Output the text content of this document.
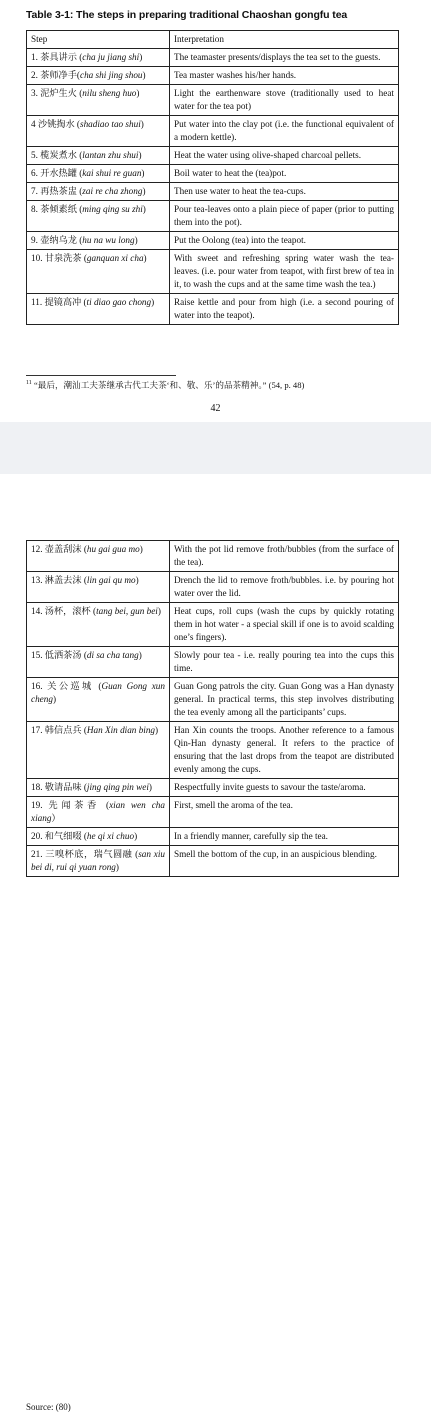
Table 3-1: The steps in preparing traditional Chaoshan gongfu tea
Step	Interpretation
1. 茶具讲示 (cha ju jiang shi)	The teamaster presents/displays the tea set to the guests.
2. 茶师净手(cha shi jing shou)	Tea master washes his/her hands.
3. 泥炉生火 (nilu sheng huo)	Light the earthenware stove (traditionally used to heat water for the tea pot)
4 沙铫掏水 (shadiao tao shui)	Put water into the clay pot (i.e. the functional equivalent of a modern kettle).
5. 榄炭煮水 (lantan zhu shui)	Heat the water using olive-shaped charcoal pellets.
6. 开水热罐 (kai shui re guan)	Boil water to heat the (tea)pot.
7. 再热茶盅 (zai re cha zhong)	Then use water to heat the tea-cups.
8. 茶倾素纸 (ming qing su zhi)	Pour tea-leaves onto a plain piece of paper (prior to putting them into the pot).
9. 壶纳乌龙 (hu na wu long)	Put the Oolong (tea) into the teapot.
10. 甘泉洗茶 (ganquan xi cha)	With sweet and refreshing spring water wash the tea-leaves. (i.e. pour water from teapot, with first brew of tea in it, to wash the cups and at the same time wash the tea.)
11. 提镜高冲 (ti diao gao chong)	Raise kettle and pour from high (i.e. a second pouring of water into the teapot).
$^{11}$ “最后，潮汕工夫茶继承古代工夫茶‘和、敬、乐’的品茶精神。” (54, p. 48)
42
12. 壶盖刮沫 (hu gai gua mo)	With the pot lid remove froth/bubbles (from the surface of the tea).
13. 淋盖去沫 (lin gai qu mo)	Drench the lid to remove froth/bubbles. i.e. by pouring hot water over the lid.
14. 汤杯，滚杯 (tang bei, gun bei)	Heat cups, roll cups (wash the cups by quickly rotating them in hot water - a special skill if one is to avoid scalding one’s fingers).
15. 低洒茶汤 (di sa cha tang)	Slowly pour tea - i.e. really pouring tea into the cups this time.
16. 关公巡城 (Guan Gong xun cheng)	Guan Gong patrols the city. Guan Gong was a Han dynasty general. In practical terms, this step involves distributing the tea evenly among all the participants’ cups.
17. 韩信点兵 (Han Xin dian bing)	Han Xin counts the troops. Another reference to a famous Qin-Han dynasty general. It refers to the practice of ensuring that the last drops from the teapot are distributed evenly among the cups.
18. 敬请品味 (jing qing pin wei)	Respectfully invite guests to savour the taste/aroma.
19. 先闻茶香 (xian wen cha xiang）	First, smell the aroma of the tea.
20. 和气细啜 (he qi xi chuo)	In a friendly manner, carefully sip the tea.
21. 三嗅杯底，瑞气圆融 (san xiu bei di, rui qi yuan rong)	Smell the bottom of the cup, in an auspicious blending.
Source: (80)
